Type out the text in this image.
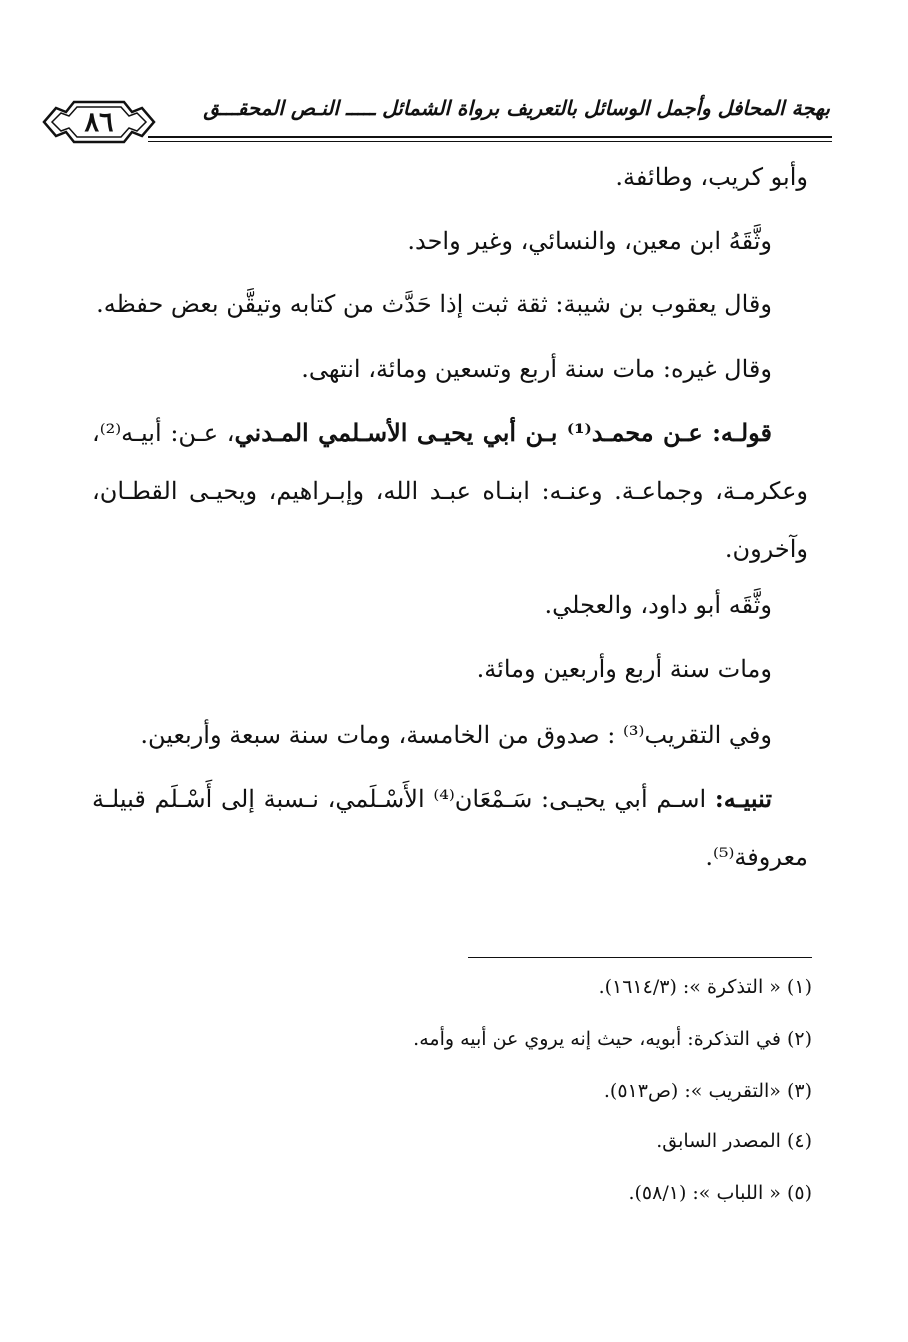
بهجة المحافل وأجمل الوسائل بالتعريف برواة الشمائل ـــــ النـص المحقـــق
٨٦
وأبو كريب، وطائفة.
وثَّقَهُ ابن معين، والنسائي، وغير واحد.
وقال يعقوب بن شيبة: ثقة ثبت إذا حَدَّث من كتابه وتيقَّن بعض حفظه.
وقال غيره: مات سنة أربع وتسعين ومائة، انتهى.
قولـه: عـن محمـد⁽¹⁾ بـن أبي يحيـى الأسـلمي المـدني، عـن: أبيـه⁽²⁾، وعكرمـة، وجماعـة. وعنـه: ابنـاه عبـد الله، وإبـراهيم، ويحيـى القطـان، وآخرون.
وثَّقَه أبو داود، والعجلي.
ومات سنة أربع وأربعين ومائة.
وفي التقريب⁽³⁾ : صدوق من الخامسة، ومات سنة سبعة وأربعين.
تنبيـه: اسـم أبي يحيـى: سَـمْعَان⁽⁴⁾ الأَسْـلَمي، نـسبة إلى أَسْـلَم قبيلـة معروفة⁽⁵⁾.
(١) « التذكرة »: (١٦١٤/٣).
(٢) في التذكرة: أبويه، حيث إنه يروي عن أبيه وأمه.
(٣) «التقريب »: (ص٥١٣).
(٤) المصدر السابق.
(٥) « اللباب »: (٥٨/١).
